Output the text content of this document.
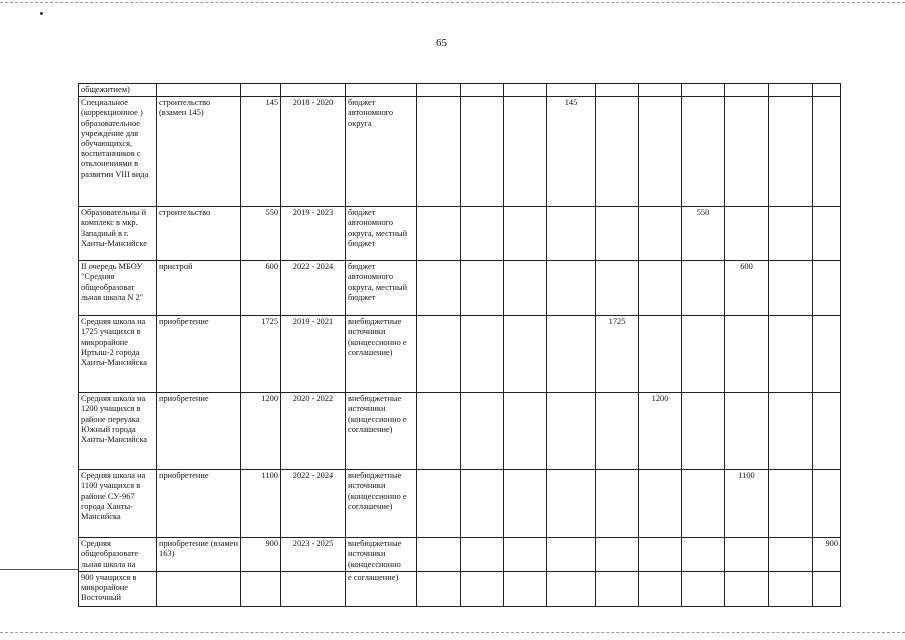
65
общежитием)														
Специальное (коррекционное ) образовательное учреждение для обучающихся, воспитанников с отклонениями в развитии VIII вида	строительство (взамен 145)	145	2018 - 2020	бюджет автономного округа				145						
Образовательны й комплекс в мкр. Западный в г. Ханты-Мансийске	строительство	550	2019 - 2023	бюджет автономного округа, местный бюджет							550			
II очередь МБОУ "Средняя общеобразоват льная школа N 2"	пристрой	600	2022 - 2024	бюджет автономного округа, местный бюджет								600		
Средняя школа на 1725 учащихся в микрорайоне Иртыш-2 города Ханты-Мансийска	приобретение	1725	2019 - 2021	внебюджетные источники (концессионно е соглашение)					1725					
Средняя школа на 1200 учащихся в районе переулка Южный города Ханты-Мансийска	приобретение	1200	2020 - 2022	внебюджетные источники (концессионно е соглашение)						1200				
Средняя школа на 1100 учащихся в районе СУ-967 города Ханты-Мансийска	приобретение	1100	2022 - 2024	внебюджетные источники (концессионно е соглашение)								1100		
Средняя общеобразовате льная школа на	приобретение (взамен 163)	900	2023 - 2025	внебюджетные источники (концессионно										900
900 учащихся в микрорайоне Восточный				е соглашение)										
